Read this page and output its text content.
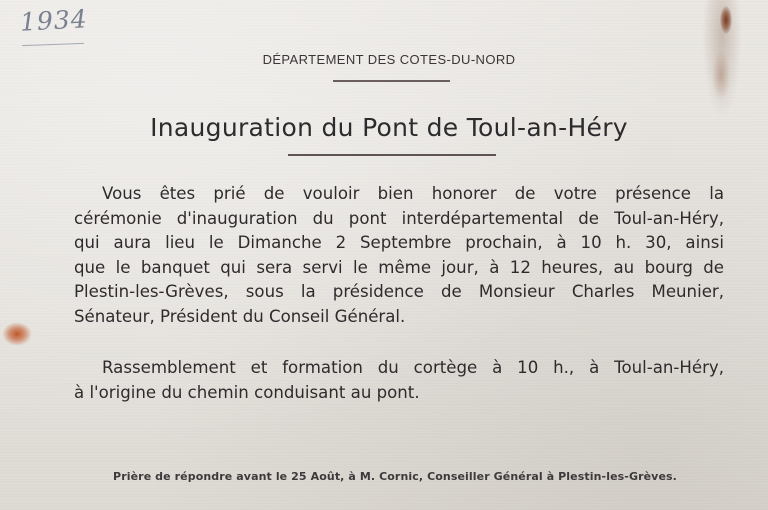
1934
DÉPARTEMENT DES COTES-DU-NORD
Inauguration du Pont de Toul-an-Héry
Vous êtes prié de vouloir bien honorer de votre présence la
cérémonie d'inauguration du pont interdépartemental de Toul-an-Héry,
qui aura lieu le Dimanche 2 Septembre prochain, à 10 h. 30, ainsi
que le banquet qui sera servi le même jour, à 12 heures, au bourg de
Plestin-les-Grèves, sous la présidence de Monsieur Charles Meunier,
Sénateur, Président du Conseil Général.
Rassemblement et formation du cortège à 10 h., à Toul-an-Héry,
à l'origine du chemin conduisant au pont.
Prière de répondre avant le 25 Août, à M. Cornic, Conseiller Général à Plestin-les-Grèves.
